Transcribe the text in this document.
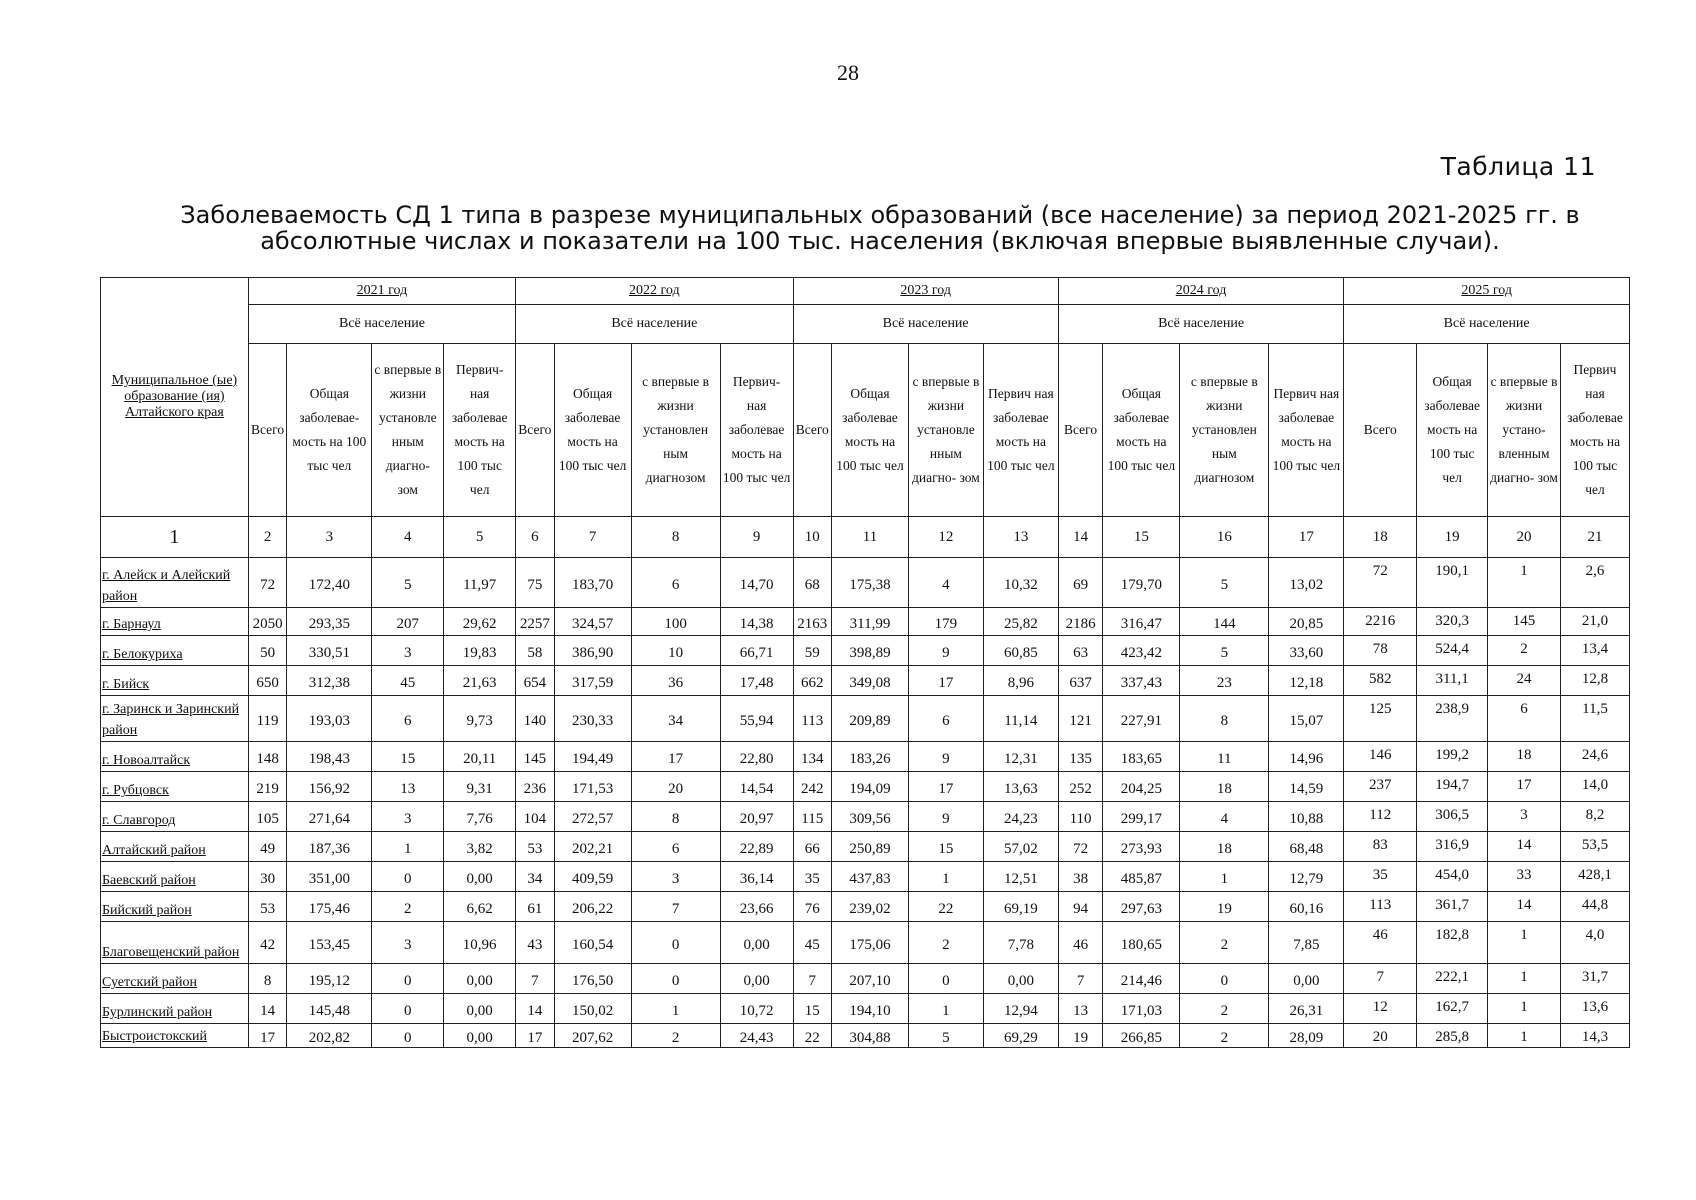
28
Таблица 11
Заболеваемость СД 1 типа в разрезе муниципальных образований (все население) за период 2021-2025 гг. в абсолютные числах и показатели на 100 тыс. населения (включая впервые выявленные случаи).
Муниципальное (ые) образование (ия) Алтайского края	2021 год				2022 год				2023 год				2024 год				2025 год			
	Всё население				Всё население				Всё население				Всё население				Всё население			
	Всего	Общая заболевае- мость на 100 тыс чел	с впервые в жизни установле нным диагно- зом	Первич- ная заболевае мость на 100 тыс чел	Всего	Общая заболевае мость на 100 тыс чел	с впервые в жизни установлен ным диагнозом	Первич- ная заболевае мость на 100 тыс чел	Всего	Общая заболевае мость на 100 тыс чел	с впервые в жизни установле нным диагно- зом	Первич ная заболевае мость на 100 тыс чел	Всего	Общая заболевае мость на 100 тыс чел	с впервые в жизни установлен ным диагнозом	Первич ная заболевае мость на 100 тыс чел	Всего	Общая заболевае мость на 100 тыс чел	с впервые в жизни устано- вленным диагно- зом	Первич ная заболевае мость на 100 тыс чел
1	2	3	4	5	6	7	8	9	10	11	12	13	14	15	16	17	18	19	20	21
г. Алейск и Алейский район	72	172,40	5	11,97	75	183,70	6	14,70	68	175,38	4	10,32	69	179,70	5	13,02	72	190,1	1	2,6
г. Барнаул	2050	293,35	207	29,62	2257	324,57	100	14,38	2163	311,99	179	25,82	2186	316,47	144	20,85	2216	320,3	145	21,0
г. Белокуриха	50	330,51	3	19,83	58	386,90	10	66,71	59	398,89	9	60,85	63	423,42	5	33,60	78	524,4	2	13,4
г. Бийск	650	312,38	45	21,63	654	317,59	36	17,48	662	349,08	17	8,96	637	337,43	23	12,18	582	311,1	24	12,8
г. Заринск и Заринский район	119	193,03	6	9,73	140	230,33	34	55,94	113	209,89	6	11,14	121	227,91	8	15,07	125	238,9	6	11,5
г. Новоалтайск	148	198,43	15	20,11	145	194,49	17	22,80	134	183,26	9	12,31	135	183,65	11	14,96	146	199,2	18	24,6
г. Рубцовск	219	156,92	13	9,31	236	171,53	20	14,54	242	194,09	17	13,63	252	204,25	18	14,59	237	194,7	17	14,0
г. Славгород	105	271,64	3	7,76	104	272,57	8	20,97	115	309,56	9	24,23	110	299,17	4	10,88	112	306,5	3	8,2
Алтайский район	49	187,36	1	3,82	53	202,21	6	22,89	66	250,89	15	57,02	72	273,93	18	68,48	83	316,9	14	53,5
Баевский район	30	351,00	0	0,00	34	409,59	3	36,14	35	437,83	1	12,51	38	485,87	1	12,79	35	454,0	33	428,1
Бийский район	53	175,46	2	6,62	61	206,22	7	23,66	76	239,02	22	69,19	94	297,63	19	60,16	113	361,7	14	44,8
Благовещенский район	42	153,45	3	10,96	43	160,54	0	0,00	45	175,06	2	7,78	46	180,65	2	7,85	46	182,8	1	4,0
Суетский район	8	195,12	0	0,00	7	176,50	0	0,00	7	207,10	0	0,00	7	214,46	0	0,00	7	222,1	1	31,7
Бурлинский район	14	145,48	0	0,00	14	150,02	1	10,72	15	194,10	1	12,94	13	171,03	2	26,31	12	162,7	1	13,6
Быстроистокский	17	202,82	0	0,00	17	207,62	2	24,43	22	304,88	5	69,29	19	266,85	2	28,09	20	285,8	1	14,3
